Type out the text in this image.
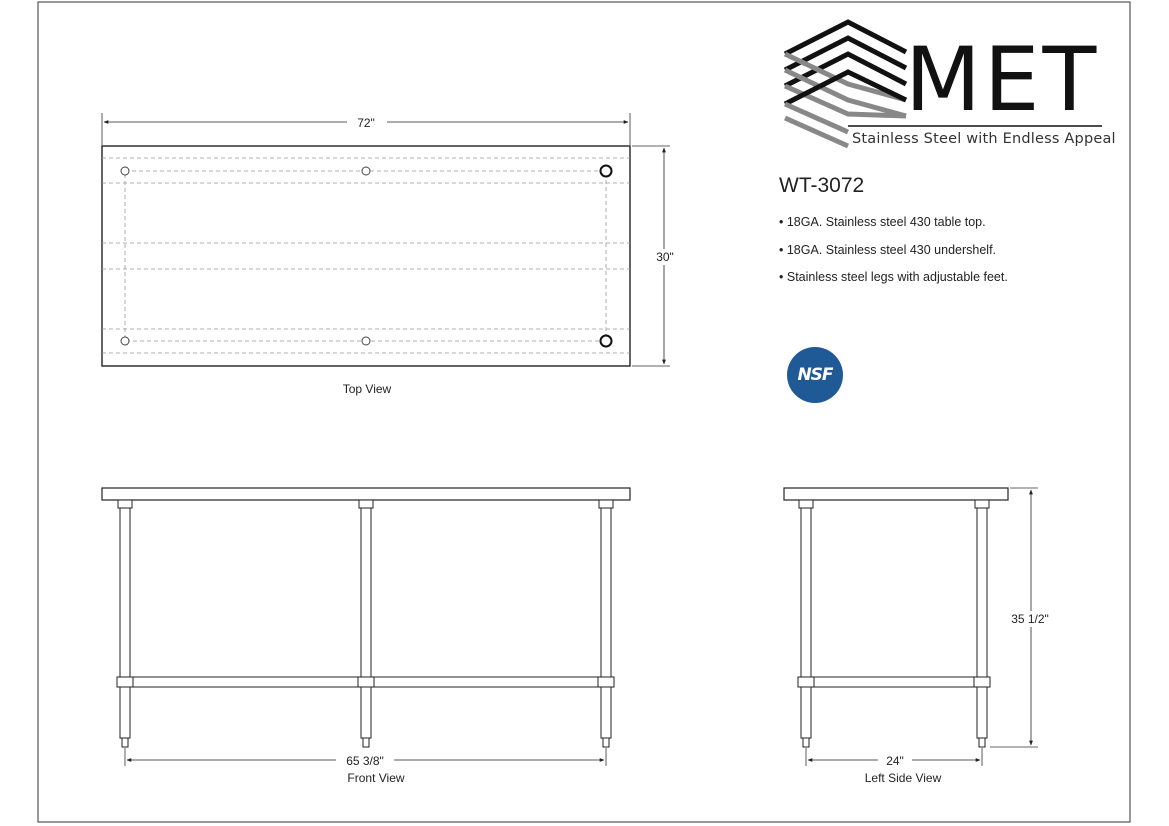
72"
30"
Top View
65 3/8"
Front View
24"
Left Side View
35 1/2"
MET
Stainless Steel with Endless Appeal
WT-3072
• 18GA. Stainless steel 430 table top.
• 18GA. Stainless steel 430 undershelf.
• Stainless steel legs with adjustable feet.
NSF
